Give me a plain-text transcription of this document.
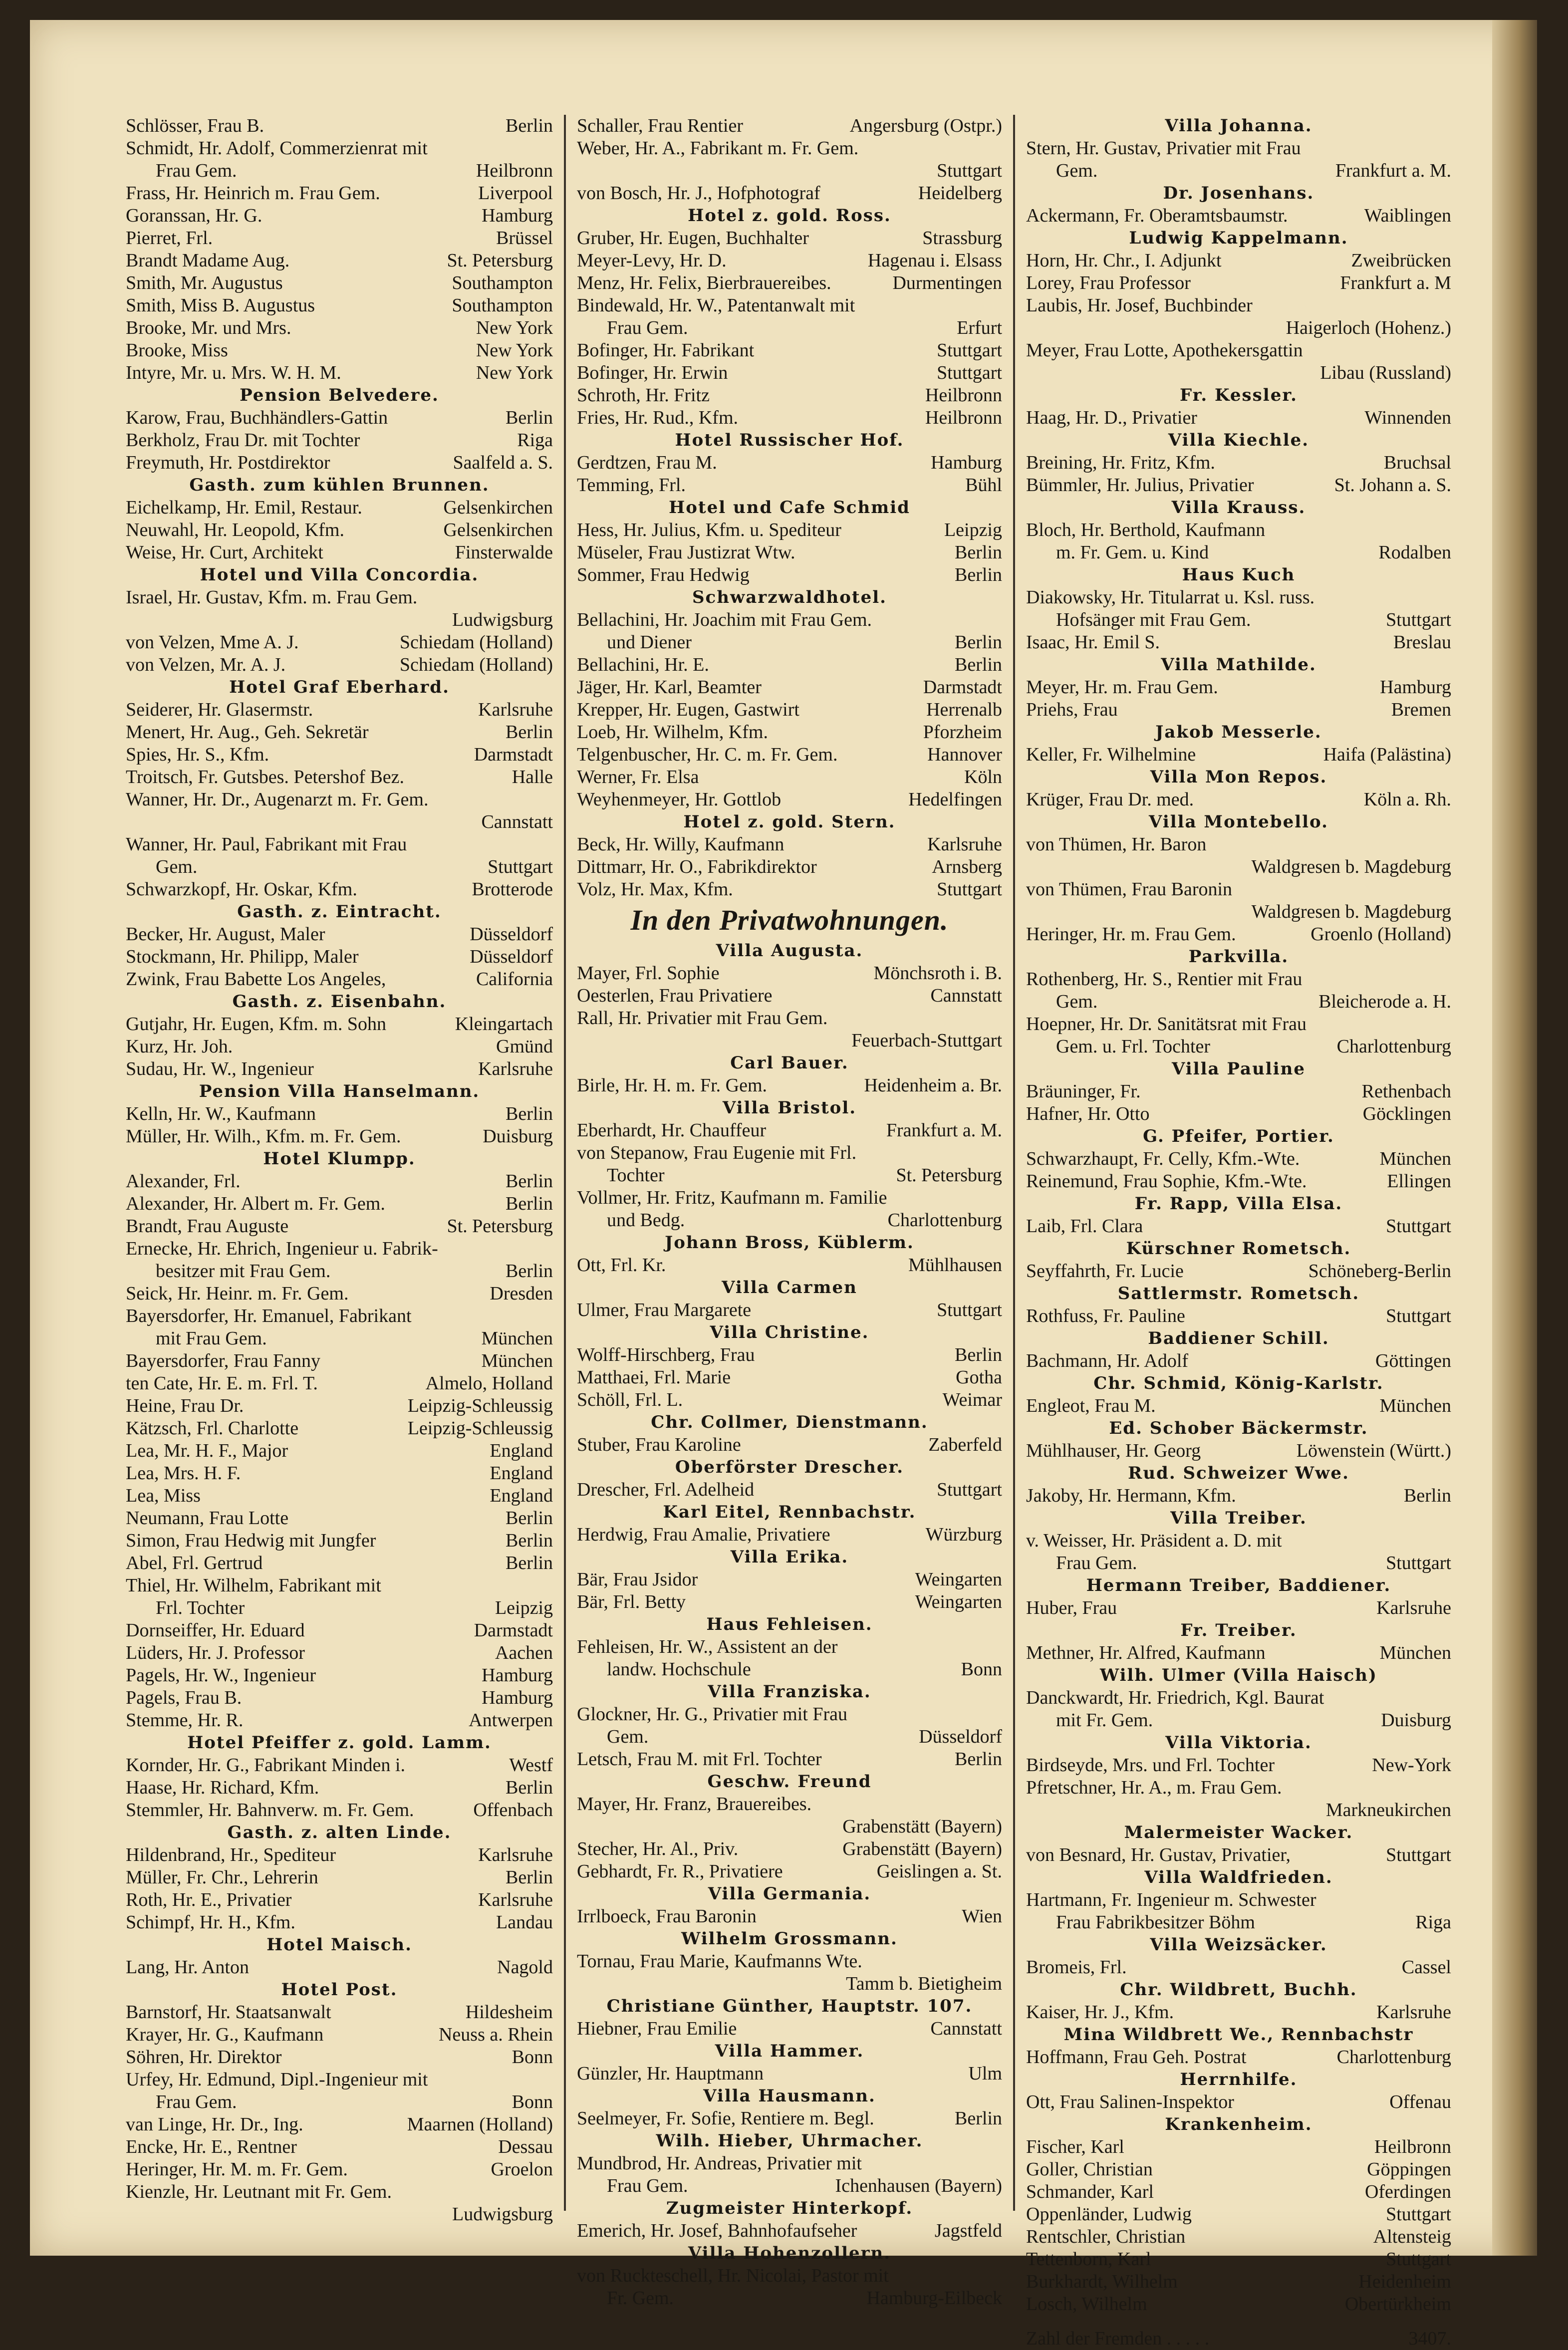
Schlösser, Frau B.	Berlin
Schmidt, Hr. Adolf, Commerzienrat mit
Frau Gem.	Heilbronn
Frass, Hr. Heinrich m. Frau Gem.	Liverpool
Goranssan, Hr. G.	Hamburg
Pierret, Frl.	Brüssel
Brandt Madame Aug.	St. Petersburg
Smith, Mr. Augustus	Southampton
Smith, Miss B. Augustus	Southampton
Brooke, Mr. und Mrs.	New York
Brooke, Miss	New York
Intyre, Mr. u. Mrs. W. H. M.	New York
Pension Belvedere.
Karow, Frau, Buchhändlers-Gattin	Berlin
Berkholz, Frau Dr. mit Tochter	Riga
Freymuth, Hr. Postdirektor	Saalfeld a. S.
Gasth. zum kühlen Brunnen.
Eichelkamp, Hr. Emil, Restaur.	Gelsenkirchen
Neuwahl, Hr. Leopold, Kfm.	Gelsenkirchen
Weise, Hr. Curt, Architekt	Finsterwalde
Hotel und Villa Concordia.
Israel, Hr. Gustav, Kfm. m. Frau Gem.
Ludwigsburg
von Velzen, Mme A. J.	Schiedam (Holland)
von Velzen, Mr. A. J.	Schiedam (Holland)
Hotel Graf Eberhard.
Seiderer, Hr. Glasermstr.	Karlsruhe
Menert, Hr. Aug., Geh. Sekretär	Berlin
Spies, Hr. S., Kfm.	Darmstadt
Troitsch, Fr. Gutsbes. Petershof Bez.	Halle
Wanner, Hr. Dr., Augenarzt m. Fr. Gem.
Cannstatt
Wanner, Hr. Paul, Fabrikant mit Frau
Gem.	Stuttgart
Schwarzkopf, Hr. Oskar, Kfm.	Brotterode
Gasth. z. Eintracht.
Becker, Hr. August, Maler	Düsseldorf
Stockmann, Hr. Philipp, Maler	Düsseldorf
Zwink, Frau Babette Los Angeles,	California
Gasth. z. Eisenbahn.
Gutjahr, Hr. Eugen, Kfm. m. Sohn	Kleingartach
Kurz, Hr. Joh.	Gmünd
Sudau, Hr. W., Ingenieur	Karlsruhe
Pension Villa Hanselmann.
Kelln, Hr. W., Kaufmann	Berlin
Müller, Hr. Wilh., Kfm. m. Fr. Gem.	Duisburg
Hotel Klumpp.
Alexander, Frl.	Berlin
Alexander, Hr. Albert m. Fr. Gem.	Berlin
Brandt, Frau Auguste	St. Petersburg
Ernecke, Hr. Ehrich, Ingenieur u. Fabrik-
besitzer mit Frau Gem.	Berlin
Seick, Hr. Heinr. m. Fr. Gem.	Dresden
Bayersdorfer, Hr. Emanuel, Fabrikant
mit Frau Gem.	München
Bayersdorfer, Frau Fanny	München
ten Cate, Hr. E. m. Frl. T.	Almelo, Holland
Heine, Frau Dr.	Leipzig-Schleussig
Kätzsch, Frl. Charlotte	Leipzig-Schleussig
Lea, Mr. H. F., Major	England
Lea, Mrs. H. F.	England
Lea, Miss	England
Neumann, Frau Lotte	Berlin
Simon, Frau Hedwig mit Jungfer	Berlin
Abel, Frl. Gertrud	Berlin
Thiel, Hr. Wilhelm, Fabrikant mit
Frl. Tochter	Leipzig
Dornseiffer, Hr. Eduard	Darmstadt
Lüders, Hr. J. Professor	Aachen
Pagels, Hr. W., Ingenieur	Hamburg
Pagels, Frau B.	Hamburg
Stemme, Hr. R.	Antwerpen
Hotel Pfeiffer z. gold. Lamm.
Kornder, Hr. G., Fabrikant Minden i.	Westf
Haase, Hr. Richard, Kfm.	Berlin
Stemmler, Hr. Bahnverw. m. Fr. Gem.	Offenbach
Gasth. z. alten Linde.
Hildenbrand, Hr., Spediteur	Karlsruhe
Müller, Fr. Chr., Lehrerin	Berlin
Roth, Hr. E., Privatier	Karlsruhe
Schimpf, Hr. H., Kfm.	Landau
Hotel Maisch.
Lang, Hr. Anton	Nagold
Hotel Post.
Barnstorf, Hr. Staatsanwalt	Hildesheim
Krayer, Hr. G., Kaufmann	Neuss a. Rhein
Söhren, Hr. Direktor	Bonn
Urfey, Hr. Edmund, Dipl.-Ingenieur mit
Frau Gem.	Bonn
van Linge, Hr. Dr., Ing.	Maarnen (Holland)
Encke, Hr. E., Rentner	Dessau
Heringer, Hr. M. m. Fr. Gem.	Groelon
Kienzle, Hr. Leutnant mit Fr. Gem.
Ludwigsburg
Schaller, Frau Rentier	Angersburg (Ostpr.)
Weber, Hr. A., Fabrikant m. Fr. Gem.
Stuttgart
von Bosch, Hr. J., Hofphotograf	Heidelberg
Hotel z. gold. Ross.
Gruber, Hr. Eugen, Buchhalter	Strassburg
Meyer-Levy, Hr. D.	Hagenau i. Elsass
Menz, Hr. Felix, Bierbrauereibes.	Durmentingen
Bindewald, Hr. W., Patentanwalt mit
Frau Gem.	Erfurt
Bofinger, Hr. Fabrikant	Stuttgart
Bofinger, Hr. Erwin	Stuttgart
Schroth, Hr. Fritz	Heilbronn
Fries, Hr. Rud., Kfm.	Heilbronn
Hotel Russischer Hof.
Gerdtzen, Frau M.	Hamburg
Temming, Frl.	Bühl
Hotel und Cafe Schmid
Hess, Hr. Julius, Kfm. u. Spediteur	Leipzig
Müseler, Frau Justizrat Wtw.	Berlin
Sommer, Frau Hedwig	Berlin
Schwarzwaldhotel.
Bellachini, Hr. Joachim mit Frau Gem.
und Diener	Berlin
Bellachini, Hr. E.	Berlin
Jäger, Hr. Karl, Beamter	Darmstadt
Krepper, Hr. Eugen, Gastwirt	Herrenalb
Loeb, Hr. Wilhelm, Kfm.	Pforzheim
Telgenbuscher, Hr. C. m. Fr. Gem.	Hannover
Werner, Fr. Elsa	Köln
Weyhenmeyer, Hr. Gottlob	Hedelfingen
Hotel z. gold. Stern.
Beck, Hr. Willy, Kaufmann	Karlsruhe
Dittmarr, Hr. O., Fabrikdirektor	Arnsberg
Volz, Hr. Max, Kfm.	Stuttgart
In den Privatwohnungen.
Villa Augusta.
Mayer, Frl. Sophie	Mönchsroth i. B.
Oesterlen, Frau Privatiere	Cannstatt
Rall, Hr. Privatier mit Frau Gem.
Feuerbach-Stuttgart
Carl Bauer.
Birle, Hr. H. m. Fr. Gem.	Heidenheim a. Br.
Villa Bristol.
Eberhardt, Hr. Chauffeur	Frankfurt a. M.
von Stepanow, Frau Eugenie mit Frl.
Tochter	St. Petersburg
Vollmer, Hr. Fritz, Kaufmann m. Familie
und Bedg.	Charlottenburg
Johann Bross, Küblerm.
Ott, Frl. Kr.	Mühlhausen
Villa Carmen
Ulmer, Frau Margarete	Stuttgart
Villa Christine.
Wolff-Hirschberg, Frau	Berlin
Matthaei, Frl. Marie	Gotha
Schöll, Frl. L.	Weimar
Chr. Collmer, Dienstmann.
Stuber, Frau Karoline	Zaberfeld
Oberförster Drescher.
Drescher, Frl. Adelheid	Stuttgart
Karl Eitel, Rennbachstr.
Herdwig, Frau Amalie, Privatiere	Würzburg
Villa Erika.
Bär, Frau Jsidor	Weingarten
Bär, Frl. Betty	Weingarten
Haus Fehleisen.
Fehleisen, Hr. W., Assistent an der
landw. Hochschule	Bonn
Villa Franziska.
Glockner, Hr. G., Privatier mit Frau
Gem.	Düsseldorf
Letsch, Frau M. mit Frl. Tochter	Berlin
Geschw. Freund
Mayer, Hr. Franz, Brauereibes.
Grabenstätt (Bayern)
Stecher, Hr. Al., Priv.	Grabenstätt (Bayern)
Gebhardt, Fr. R., Privatiere	Geislingen a. St.
Villa Germania.
Irrlboeck, Frau Baronin	Wien
Wilhelm Grossmann.
Tornau, Frau Marie, Kaufmanns Wte.
Tamm b. Bietigheim
Christiane Günther, Hauptstr. 107.
Hiebner, Frau Emilie	Cannstatt
Villa Hammer.
Günzler, Hr. Hauptmann	Ulm
Villa Hausmann.
Seelmeyer, Fr. Sofie, Rentiere m. Begl.	Berlin
Wilh. Hieber, Uhrmacher.
Mundbrod, Hr. Andreas, Privatier mit
Frau Gem.	Ichenhausen (Bayern)
Zugmeister Hinterkopf.
Emerich, Hr. Josef, Bahnhofaufseher	Jagstfeld
Villa Hohenzollern.
von Ruckteschell, Hr. Nicolai, Pastor mit
Fr. Gem.	Hamburg-Eilbeck
Villa Johanna.
Stern, Hr. Gustav, Privatier mit Frau
Gem.	Frankfurt a. M.
Dr. Josenhans.
Ackermann, Fr. Oberamtsbaumstr.	Waiblingen
Ludwig Kappelmann.
Horn, Hr. Chr., I. Adjunkt	Zweibrücken
Lorey, Frau Professor	Frankfurt a. M
Laubis, Hr. Josef, Buchbinder
Haigerloch (Hohenz.)
Meyer, Frau Lotte, Apothekersgattin
Libau (Russland)
Fr. Kessler.
Haag, Hr. D., Privatier	Winnenden
Villa Kiechle.
Breining, Hr. Fritz, Kfm.	Bruchsal
Bümmler, Hr. Julius, Privatier	St. Johann a. S.
Villa Krauss.
Bloch, Hr. Berthold, Kaufmann
m. Fr. Gem. u. Kind	Rodalben
Haus Kuch
Diakowsky, Hr. Titularrat u. Ksl. russ.
Hofsänger mit Frau Gem.	Stuttgart
Isaac, Hr. Emil S.	Breslau
Villa Mathilde.
Meyer, Hr. m. Frau Gem.	Hamburg
Priehs, Frau	Bremen
Jakob Messerle.
Keller, Fr. Wilhelmine	Haifa (Palästina)
Villa Mon Repos.
Krüger, Frau Dr. med.	Köln a. Rh.
Villa Montebello.
von Thümen, Hr. Baron
Waldgresen b. Magdeburg
von Thümen, Frau Baronin
Waldgresen b. Magdeburg
Heringer, Hr. m. Frau Gem.	Groenlo (Holland)
Parkvilla.
Rothenberg, Hr. S., Rentier mit Frau
Gem.	Bleicherode a. H.
Hoepner, Hr. Dr. Sanitätsrat mit Frau
Gem. u. Frl. Tochter	Charlottenburg
Villa Pauline
Bräuninger, Fr.	Rethenbach
Hafner, Hr. Otto	Göcklingen
G. Pfeifer, Portier.
Schwarzhaupt, Fr. Celly, Kfm.-Wte.	München
Reinemund, Frau Sophie, Kfm.-Wte.	Ellingen
Fr. Rapp, Villa Elsa.
Laib, Frl. Clara	Stuttgart
Kürschner Rometsch.
Seyffahrth, Fr. Lucie	Schöneberg-Berlin
Sattlermstr. Rometsch.
Rothfuss, Fr. Pauline	Stuttgart
Baddiener Schill.
Bachmann, Hr. Adolf	Göttingen
Chr. Schmid, König-Karlstr.
Engleot, Frau M.	München
Ed. Schober Bäckermstr.
Mühlhauser, Hr. Georg	Löwenstein (Württ.)
Rud. Schweizer Wwe.
Jakoby, Hr. Hermann, Kfm.	Berlin
Villa Treiber.
v. Weisser, Hr. Präsident a. D. mit
Frau Gem.	Stuttgart
Hermann Treiber, Baddiener.
Huber, Frau	Karlsruhe
Fr. Treiber.
Methner, Hr. Alfred, Kaufmann	München
Wilh. Ulmer (Villa Haisch)
Danckwardt, Hr. Friedrich, Kgl. Baurat
mit Fr. Gem.	Duisburg
Villa Viktoria.
Birdseyde, Mrs. und Frl. Tochter	New-York
Pfretschner, Hr. A., m. Frau Gem.
Markneukirchen
Malermeister Wacker.
von Besnard, Hr. Gustav, Privatier,	Stuttgart
Villa Waldfrieden.
Hartmann, Fr. Ingenieur m. Schwester
Frau Fabrikbesitzer Böhm	Riga
Villa Weizsäcker.
Bromeis, Frl.	Cassel
Chr. Wildbrett, Buchh.
Kaiser, Hr. J., Kfm.	Karlsruhe
Mina Wildbrett We., Rennbachstr
Hoffmann, Frau Geh. Postrat	Charlottenburg
Herrnhilfe.
Ott, Frau Salinen-Inspektor	Offenau
Krankenheim.
Fischer, Karl	Heilbronn
Goller, Christian	Göppingen
Schmander, Karl	Oferdingen
Oppenländer, Ludwig	Stuttgart
Rentschler, Christian	Altensteig
Tettenborn, Karl	Stuttgart
Burkhardt, Wilhelm	Heidenheim
Losch, Wilhelm	Obertürkheim
Zahl der Fremden . . . . .	3407.
